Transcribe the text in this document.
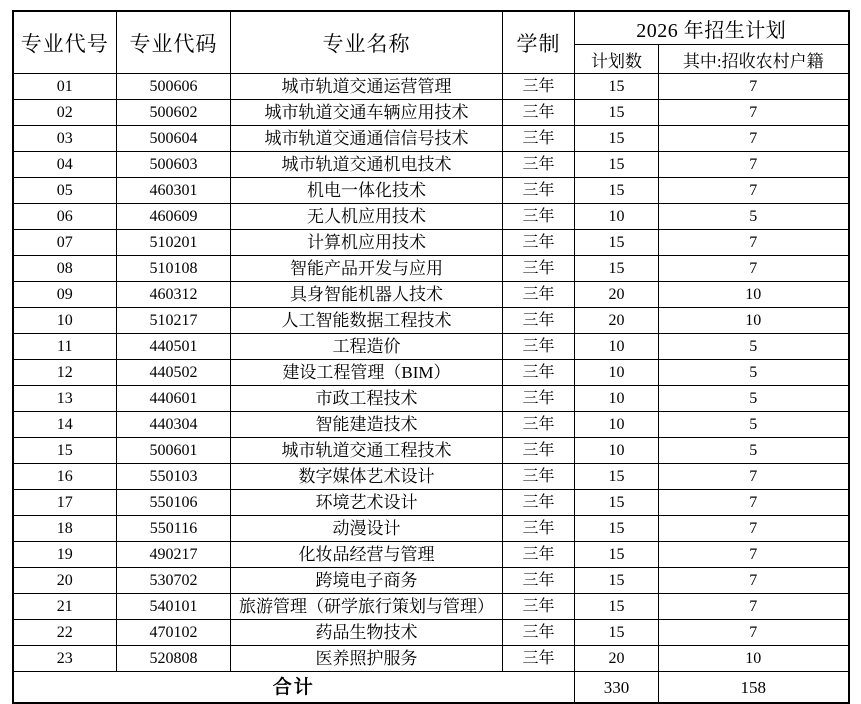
专业代号	专业代码	专业名称	学制	2026 年招生计划	
				计划数	其中:招收农村户籍
01	500606	城市轨道交通运营管理	三年	15	7
02	500602	城市轨道交通车辆应用技术	三年	15	7
03	500604	城市轨道交通通信信号技术	三年	15	7
04	500603	城市轨道交通机电技术	三年	15	7
05	460301	机电一体化技术	三年	15	7
06	460609	无人机应用技术	三年	10	5
07	510201	计算机应用技术	三年	15	7
08	510108	智能产品开发与应用	三年	15	7
09	460312	具身智能机器人技术	三年	20	10
10	510217	人工智能数据工程技术	三年	20	10
11	440501	工程造价	三年	10	5
12	440502	建设工程管理（BIM）	三年	10	5
13	440601	市政工程技术	三年	10	5
14	440304	智能建造技术	三年	10	5
15	500601	城市轨道交通工程技术	三年	10	5
16	550103	数字媒体艺术设计	三年	15	7
17	550106	环境艺术设计	三年	15	7
18	550116	动漫设计	三年	15	7
19	490217	化妆品经营与管理	三年	15	7
20	530702	跨境电子商务	三年	15	7
21	540101	旅游管理（研学旅行策划与管理）	三年	15	7
22	470102	药品生物技术	三年	15	7
23	520808	医养照护服务	三年	20	10
合计				330	158
